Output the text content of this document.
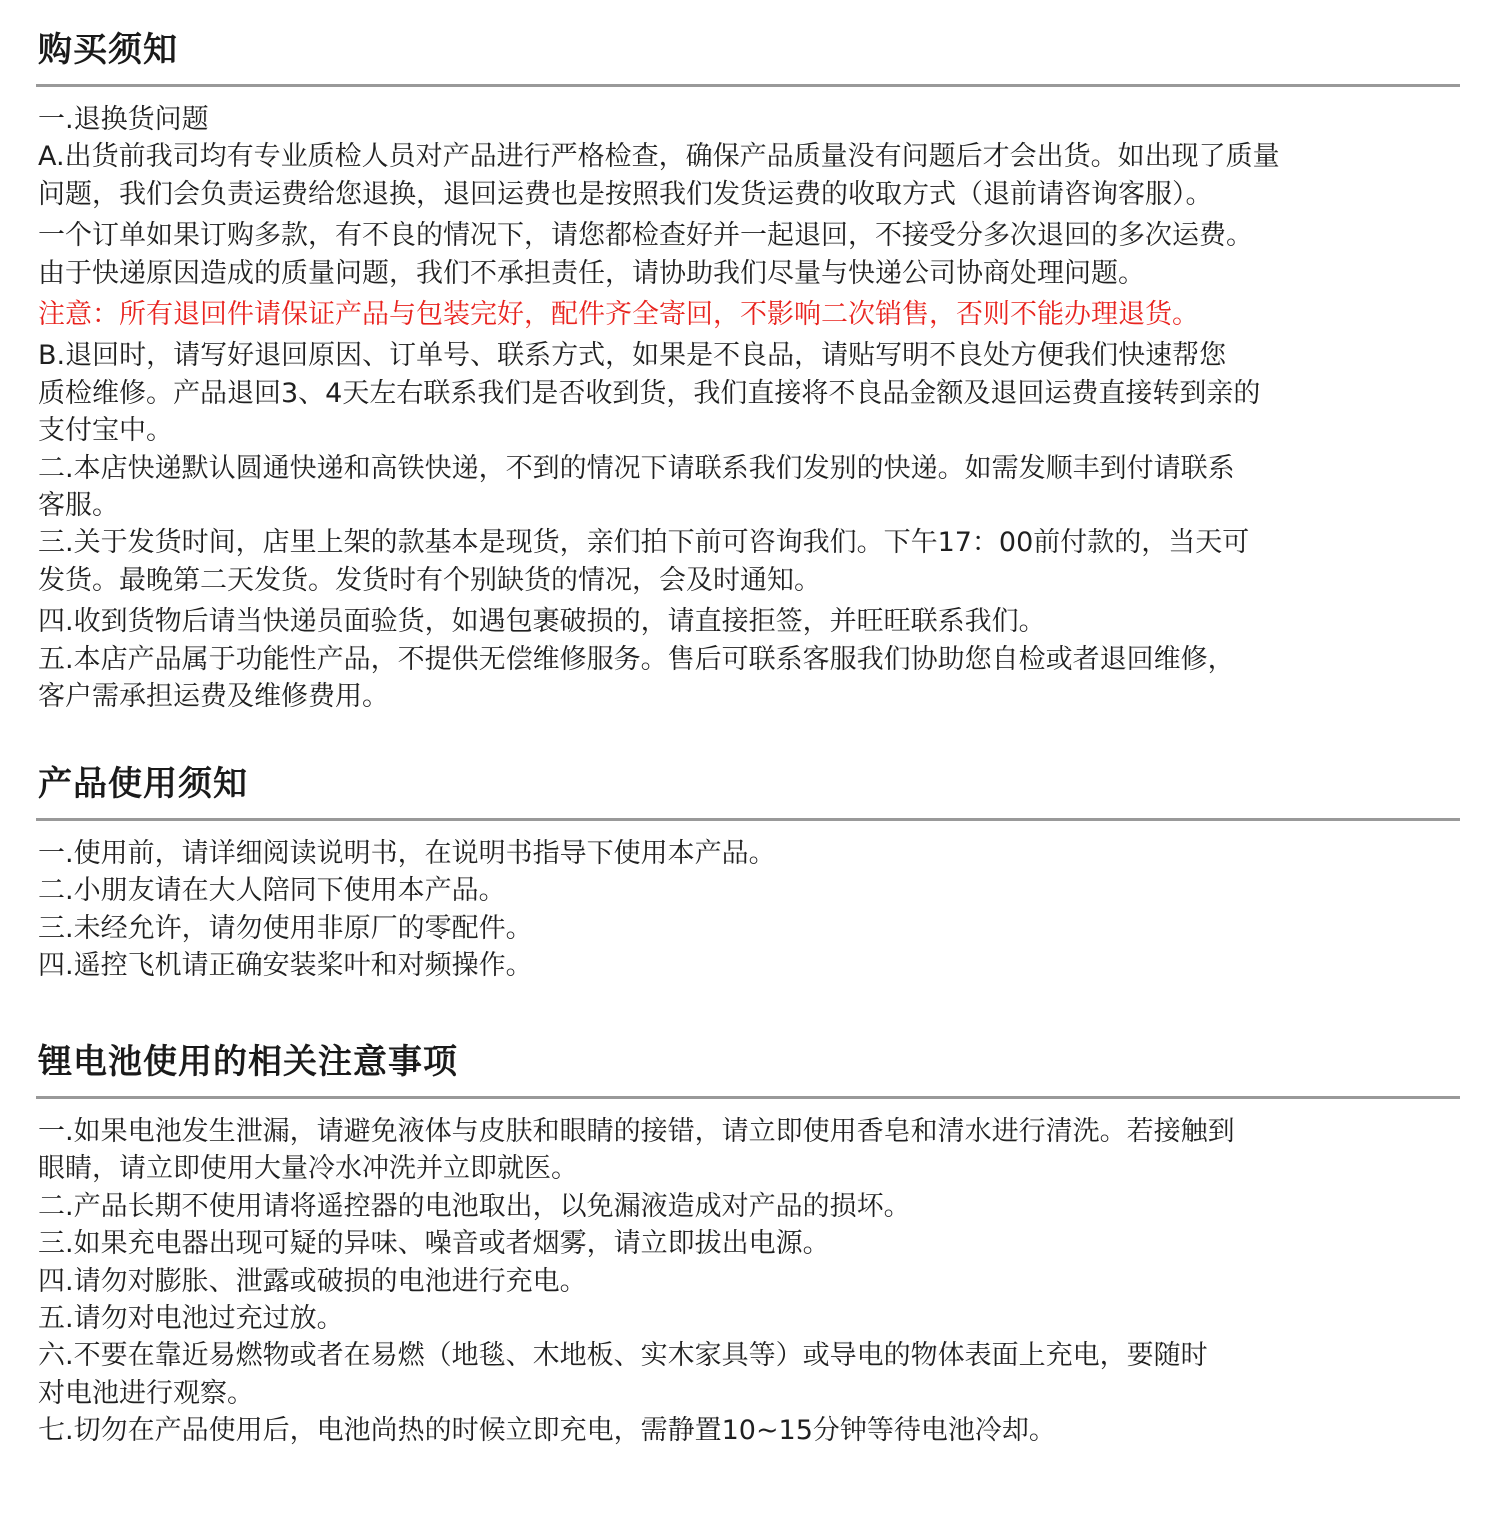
购买须知
一.退换货问题
A.出货前我司均有专业质检人员对产品进行严格检查，确保产品质量没有问题后才会出货。如出现了质量
问题，我们会负责运费给您退换，退回运费也是按照我们发货运费的收取方式（退前请咨询客服）。
一个订单如果订购多款，有不良的情况下，请您都检查好并一起退回，不接受分多次退回的多次运费。
由于快递原因造成的质量问题，我们不承担责任，请协助我们尽量与快递公司协商处理问题。
注意：所有退回件请保证产品与包装完好，配件齐全寄回，不影响二次销售，否则不能办理退货。
B.退回时，请写好退回原因、订单号、联系方式，如果是不良品，请贴写明不良处方便我们快速帮您
质检维修。产品退回3、4天左右联系我们是否收到货，我们直接将不良品金额及退回运费直接转到亲的
支付宝中。
二.本店快递默认圆通快递和高铁快递，不到的情况下请联系我们发别的快递。如需发顺丰到付请联系
客服。
三.关于发货时间，店里上架的款基本是现货，亲们拍下前可咨询我们。下午17：00前付款的，当天可
发货。最晚第二天发货。发货时有个别缺货的情况，会及时通知。
四.收到货物后请当快递员面验货，如遇包裹破损的，请直接拒签，并旺旺联系我们。
五.本店产品属于功能性产品，不提供无偿维修服务。售后可联系客服我们协助您自检或者退回维修，
客户需承担运费及维修费用。
产品使用须知
一.使用前，请详细阅读说明书，在说明书指导下使用本产品。
二.小朋友请在大人陪同下使用本产品。
三.未经允许，请勿使用非原厂的零配件。
四.遥控飞机请正确安装桨叶和对频操作。
锂电池使用的相关注意事项
一.如果电池发生泄漏，请避免液体与皮肤和眼睛的接错，请立即使用香皂和清水进行清洗。若接触到
眼睛，请立即使用大量冷水冲洗并立即就医。
二.产品长期不使用请将遥控器的电池取出，以免漏液造成对产品的损坏。
三.如果充电器出现可疑的异味、噪音或者烟雾，请立即拔出电源。
四.请勿对膨胀、泄露或破损的电池进行充电。
五.请勿对电池过充过放。
六.不要在靠近易燃物或者在易燃（地毯、木地板、实木家具等）或导电的物体表面上充电，要随时
对电池进行观察。
七.切勿在产品使用后，电池尚热的时候立即充电，需静置10~15分钟等待电池冷却。
